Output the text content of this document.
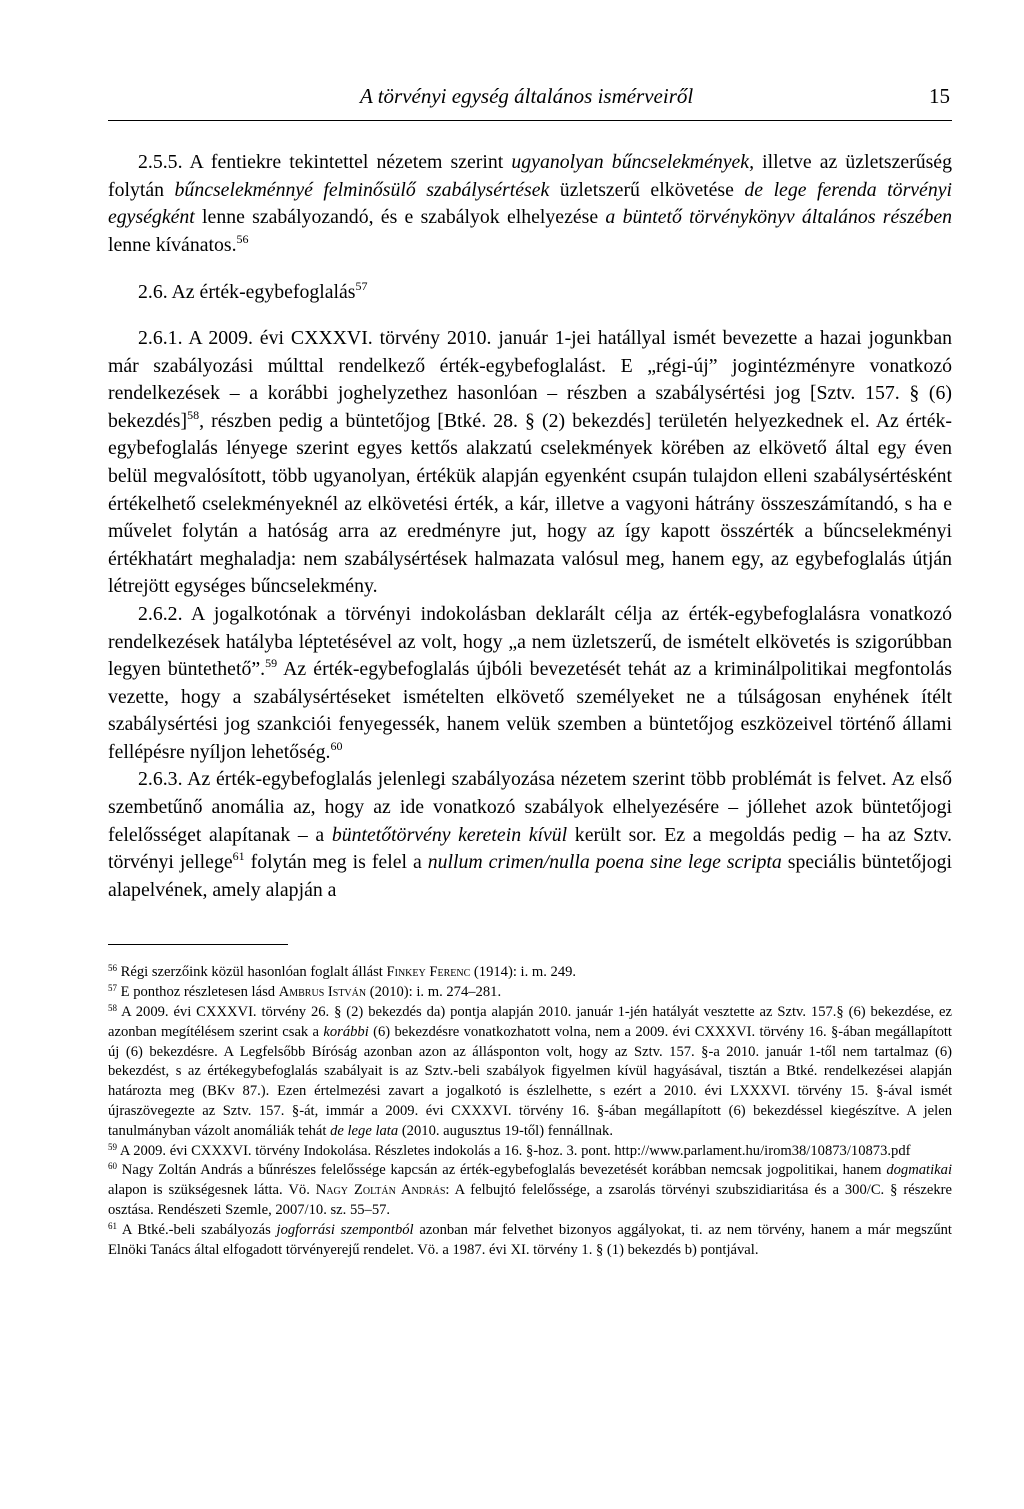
A törvényi egység általános ismérveiről	15

2.5.5. A fentiekre tekintettel nézetem szerint ugyanolyan bűncselekmények, illetve az üzletszerűség folytán bűncselekménnyé felminősülő szabálysértések üzletszerű elkövetése de lege ferenda törvényi egységként lenne szabályozandó, és e szabályok elhelyezése a büntető törvénykönyv általános részében lenne kívánatos.$^{56}$

2.6. Az érték-egybefoglalás$^{57}$

2.6.1. A 2009. évi CXXXVI. törvény 2010. január 1-jei hatállyal ismét bevezette a hazai jogunkban már szabályozási múlttal rendelkező érték-egybefoglalást. E „régi-új” jogintézményre vonatkozó rendelkezések – a korábbi joghelyzethez hasonlóan – részben a szabálysértési jog [Sztv. 157. § (6) bekezdés]$^{58}$, részben pedig a büntetőjog [Btké. 28. § (2) bekezdés] területén helyezkednek el. Az érték-egybefoglalás lényege szerint egyes kettős alakzatú cselekmények körében az elkövető által egy éven belül megvalósított, több ugyanolyan, értékük alapján egyenként csupán tulajdon elleni szabálysértésként értékelhető cselekményeknél az elkövetési érték, a kár, illetve a vagyoni hátrány összeszámítandó, s ha e művelet folytán a hatóság arra az eredményre jut, hogy az így kapott összérték a bűncselekményi értékhatárt meghaladja: nem szabálysértések halmazata valósul meg, hanem egy, az egybefoglalás útján létrejött egységes bűncselekmény.

2.6.2. A jogalkotónak a törvényi indokolásban deklarált célja az érték-egybefoglalásra vonatkozó rendelkezések hatályba léptetésével az volt, hogy „a nem üzletszerű, de ismételt elkövetés is szigorúbban legyen büntethető”.$^{59}$ Az érték-egybefoglalás újbóli bevezetését tehát az a kriminálpolitikai megfontolás vezette, hogy a szabálysértéseket ismételten elkövető személyeket ne a túlságosan enyhének ítélt szabálysértési jog szankciói fenyegessék, hanem velük szemben a büntetőjog eszközeivel történő állami fellépésre nyíljon lehetőség.$^{60}$

2.6.3. Az érték-egybefoglalás jelenlegi szabályozása nézetem szerint több problémát is felvet. Az első szembetűnő anomália az, hogy az ide vonatkozó szabályok elhelyezésére – jóllehet azok büntetőjogi felelősséget alapítanak – a büntetőtörvény keretein kívül került sor. Ez a megoldás pedig – ha az Sztv. törvényi jellege$^{61}$ folytán meg is felel a nullum crimen/nulla poena sine lege scripta speciális büntetőjogi alapelvének, amely alapján a

$^{56}$ Régi szerzőink közül hasonlóan foglalt állást Finkey Ferenc (1914): i. m. 249.

$^{57}$ E ponthoz részletesen lásd Ambrus István (2010): i. m. 274–281.

$^{58}$ A 2009. évi CXXXVI. törvény 26. § (2) bekezdés da) pontja alapján 2010. január 1-jén hatályát vesztette az Sztv. 157.§ (6) bekezdése, ez azonban megítélésem szerint csak a korábbi (6) bekezdésre vonatkozhatott volna, nem a 2009. évi CXXXVI. törvény 16. §-ában megállapított új (6) bekezdésre. A Legfelsőbb Bíróság azonban azon az állásponton volt, hogy az Sztv. 157. §-a 2010. január 1-től nem tartalmaz (6) bekezdést, s az értékegybefoglalás szabályait is az Sztv.-beli szabályok figyelmen kívül hagyásával, tisztán a Btké. rendelkezései alapján határozta meg (BKv 87.). Ezen értelmezési zavart a jogalkotó is észlelhette, s ezért a 2010. évi LXXXVI. törvény 15. §-ával ismét újraszövegezte az Sztv. 157. §-át, immár a 2009. évi CXXXVI. törvény 16. §-ában megállapított (6) bekezdéssel kiegészítve. A jelen tanulmányban vázolt anomáliák tehát de lege lata (2010. augusztus 19-től) fennállnak.

$^{59}$ A 2009. évi CXXXVI. törvény Indokolása. Részletes indokolás a 16. §-hoz. 3. pont. http://www.parlament.hu/irom38/10873/10873.pdf

$^{60}$ Nagy Zoltán András a bűnrészes felelőssége kapcsán az érték-egybefoglalás bevezetését korábban nemcsak jogpolitikai, hanem dogmatikai alapon is szükségesnek látta. Vö. Nagy Zoltán András: A felbujtó felelőssége, a zsarolás törvényi szubszidiaritása és a 300/C. § részekre osztása. Rendészeti Szemle, 2007/10. sz. 55–57.

$^{61}$ A Btké.-beli szabályozás jogforrási szempontból azonban már felvethet bizonyos aggályokat, ti. az nem törvény, hanem a már megszűnt Elnöki Tanács által elfogadott törvényerejű rendelet. Vö. a 1987. évi XI. törvény 1. § (1) bekezdés b) pontjával.
